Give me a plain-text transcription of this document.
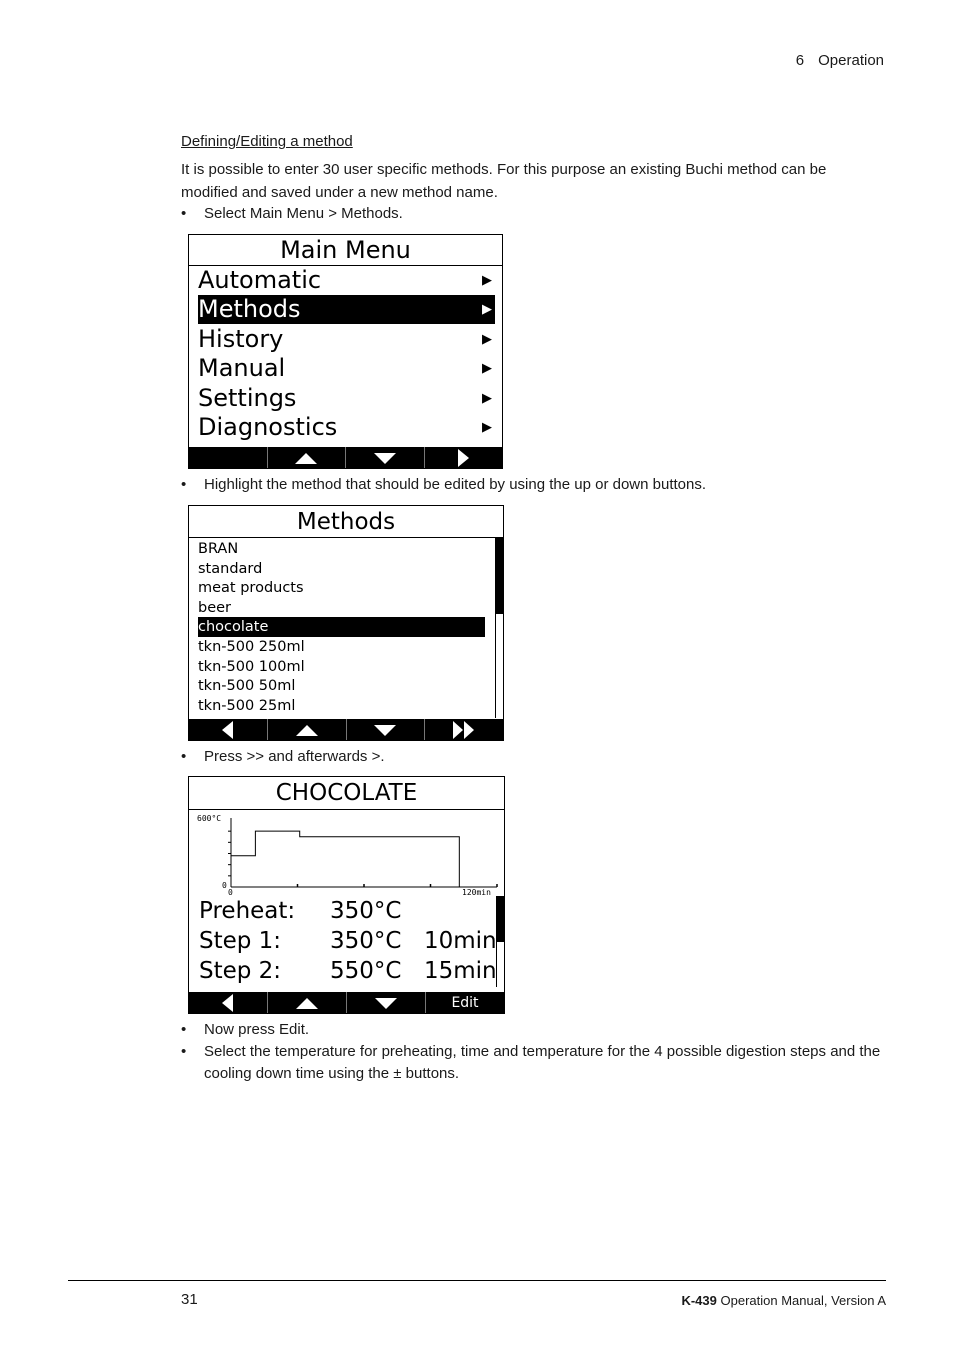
6 Operation
Defining/Editing a method
It is possible to enter 30 user specific methods. For this purpose an existing Buchi method can be modified and saved under a new method name.
• Select Main Menu > Methods.
Main Menu
Automatic	▶
Methods	▶
History	▶
Manual	▶
Settings	▶
Diagnostics	▶
• Highlight the method that should be edited by using the up or down buttons.
Methods
BRAN
standard
meat products
beer
chocolate
tkn-500 250ml
tkn-500 100ml
tkn-500 50ml
tkn-500 25ml
• Press >> and afterwards >.
CHOCOLATE
600°C
0
0	120min
Preheat: 350°C
Step 1: 350°C 10min
Step 2: 550°C 15min
Edit
• Now press Edit.
• Select the temperature for preheating, time and temperature for the 4 possible digestion steps and the cooling down time using the ± buttons.
31	K-439 Operation Manual, Version A
